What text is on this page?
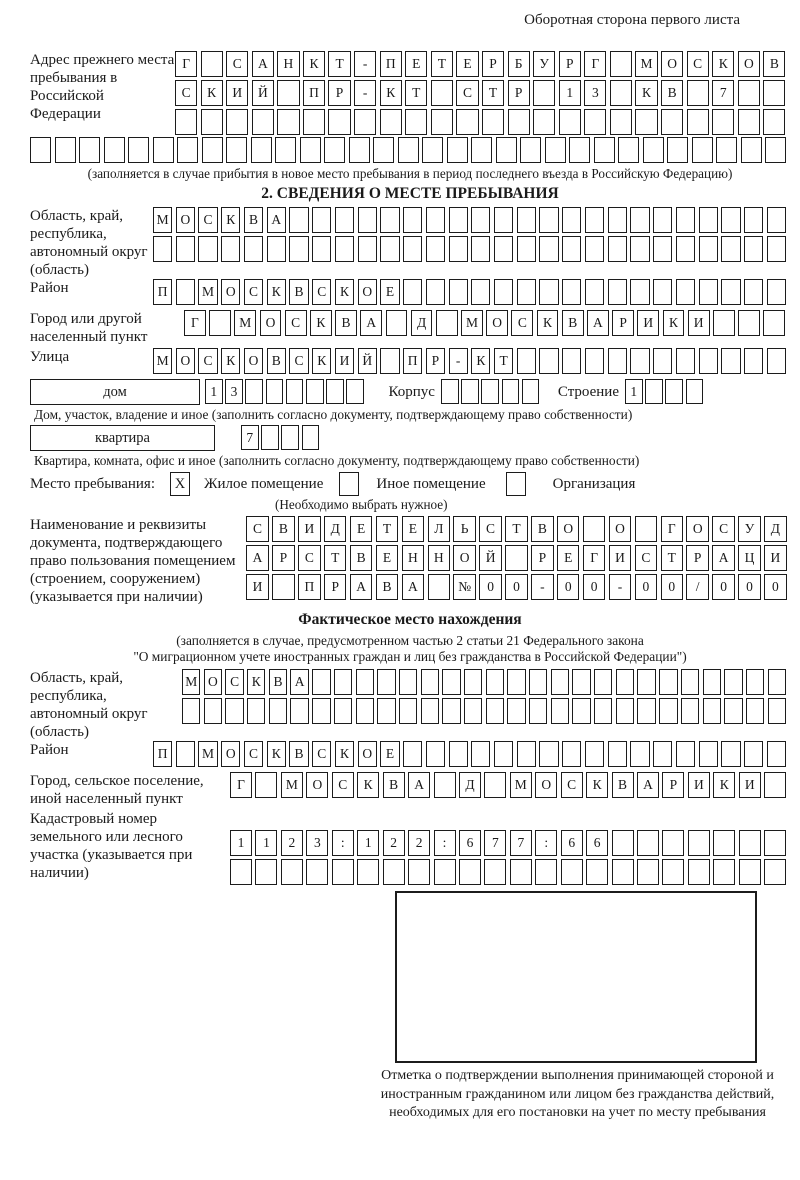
Оборотная сторона первого листа
Адрес прежнего места пребывания в Российской Федерации
Г	С	А	Н	К	Т	-	П	Е	Т	Е	Р	Б	У	Р	Г	М	О	С	К	О	В
С	К	И	Й	П	Р	-	К	Т	С	Т	Р	1	3	К	В	7
(заполняется в случае прибытия в новое место пребывания в период последнего въезда в Российскую Федерацию)
2. СВЕДЕНИЯ О МЕСТЕ ПРЕБЫВАНИЯ
Область, край, республика, автономный округ (область)
М О С	К	В А
Район	П	М О С	К	В	С	К О	Е
Город или другой населенный пункт
Г	М	О	С	К	В	А	Д	М	О	С	К	В	А	Р	И	К	И
Улица	М О С	К О В	С	К И Й	П	Р	-	К	Т
дом	1 3	Корпус	Строение 1
Дом, участок, владение и иное (заполнить согласно документу, подтверждающему право собственности)
квартира	7
Квартира, комната, офис и иное (заполнить согласно документу, подтверждающему право собственности)
Место пребывания:	X	Жилое помещение	Иное помещение	Организация
(Необходимо выбрать нужное)
Наименование и реквизиты документа, подтверждающего право пользования помещением (строением, сооружением) (указывается при наличии)
С	В	И	Д	Е	Т	Е	Л	Ь	С	Т	В	О	О	Г	О	С	У	Д
А	Р	С	Т	В	Е	Н	Н	О	Й	Р	Е	Г	И	С	Т	Р	А	Ц	И
И	П	Р	А	В	А	№	0	0	-	0	0	-	0	0	/	0	0	0
Фактическое место нахождения
(заполняется в случае, предусмотренном частью 2 статьи 21 Федерального закона
"О миграционном учете иностранных граждан и лиц без гражданства в Российской Федерации")
Область, край, республика, автономный округ (область)
М О С К В А
Район	П	М О С	К	В	С	К О	Е
Город, сельское поселение, иной населенный пункт
Г	М	О	С	К	В	А	Д	М	О	С	К	В	А	Р	И	К	И
Кадастровый номер земельного или лесного участка (указывается при наличии)
1	1	2	3	:	1	2	2	:	6	7	7	:	6	6
Отметка о подтверждении выполнения принимающей стороной и иностранным гражданином или лицом без гражданства действий, необходимых для его постановки на учет по месту пребывания
